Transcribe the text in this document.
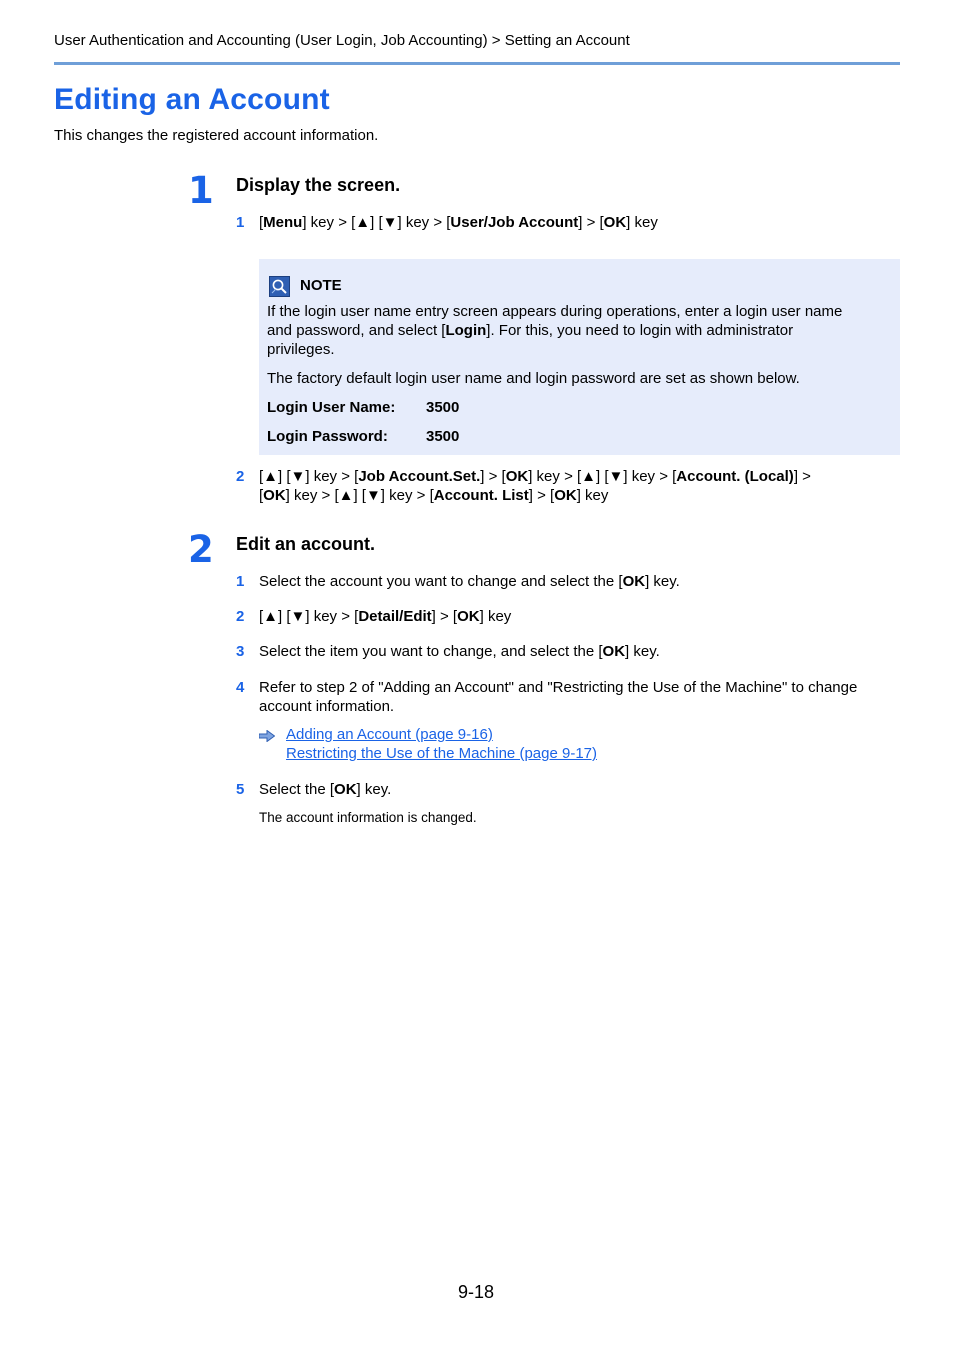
User Authentication and Accounting (User Login, Job Accounting) > Setting an Account
Editing an Account
This changes the registered account information.
1 Display the screen.
1 [Menu] key > [▲] [▼] key > [User/Job Account] > [OK] key
NOTE
If the login user name entry screen appears during operations, enter a login user name
and password, and select [Login]. For this, you need to login with administrator
privileges.
The factory default login user name and login password are set as shown below.
Login User Name: 3500
Login Password:	3500
2 [▲] [▼] key > [Job Account.Set.] > [OK] key > [▲] [▼] key > [Account. (Local)] >
[OK] key > [▲] [▼] key > [Account. List] > [OK] key
2 Edit an account.
1 Select the account you want to change and select the [OK] key.
2 [▲] [▼] key > [Detail/Edit] > [OK] key
3 Select the item you want to change, and select the [OK] key.
4 Refer to step 2 of "Adding an Account" and "Restricting the Use of the Machine" to change
account information.
Adding an Account (page 9-16)
Restricting the Use of the Machine (page 9-17)
5 Select the [OK] key.
The account information is changed.
9-18
